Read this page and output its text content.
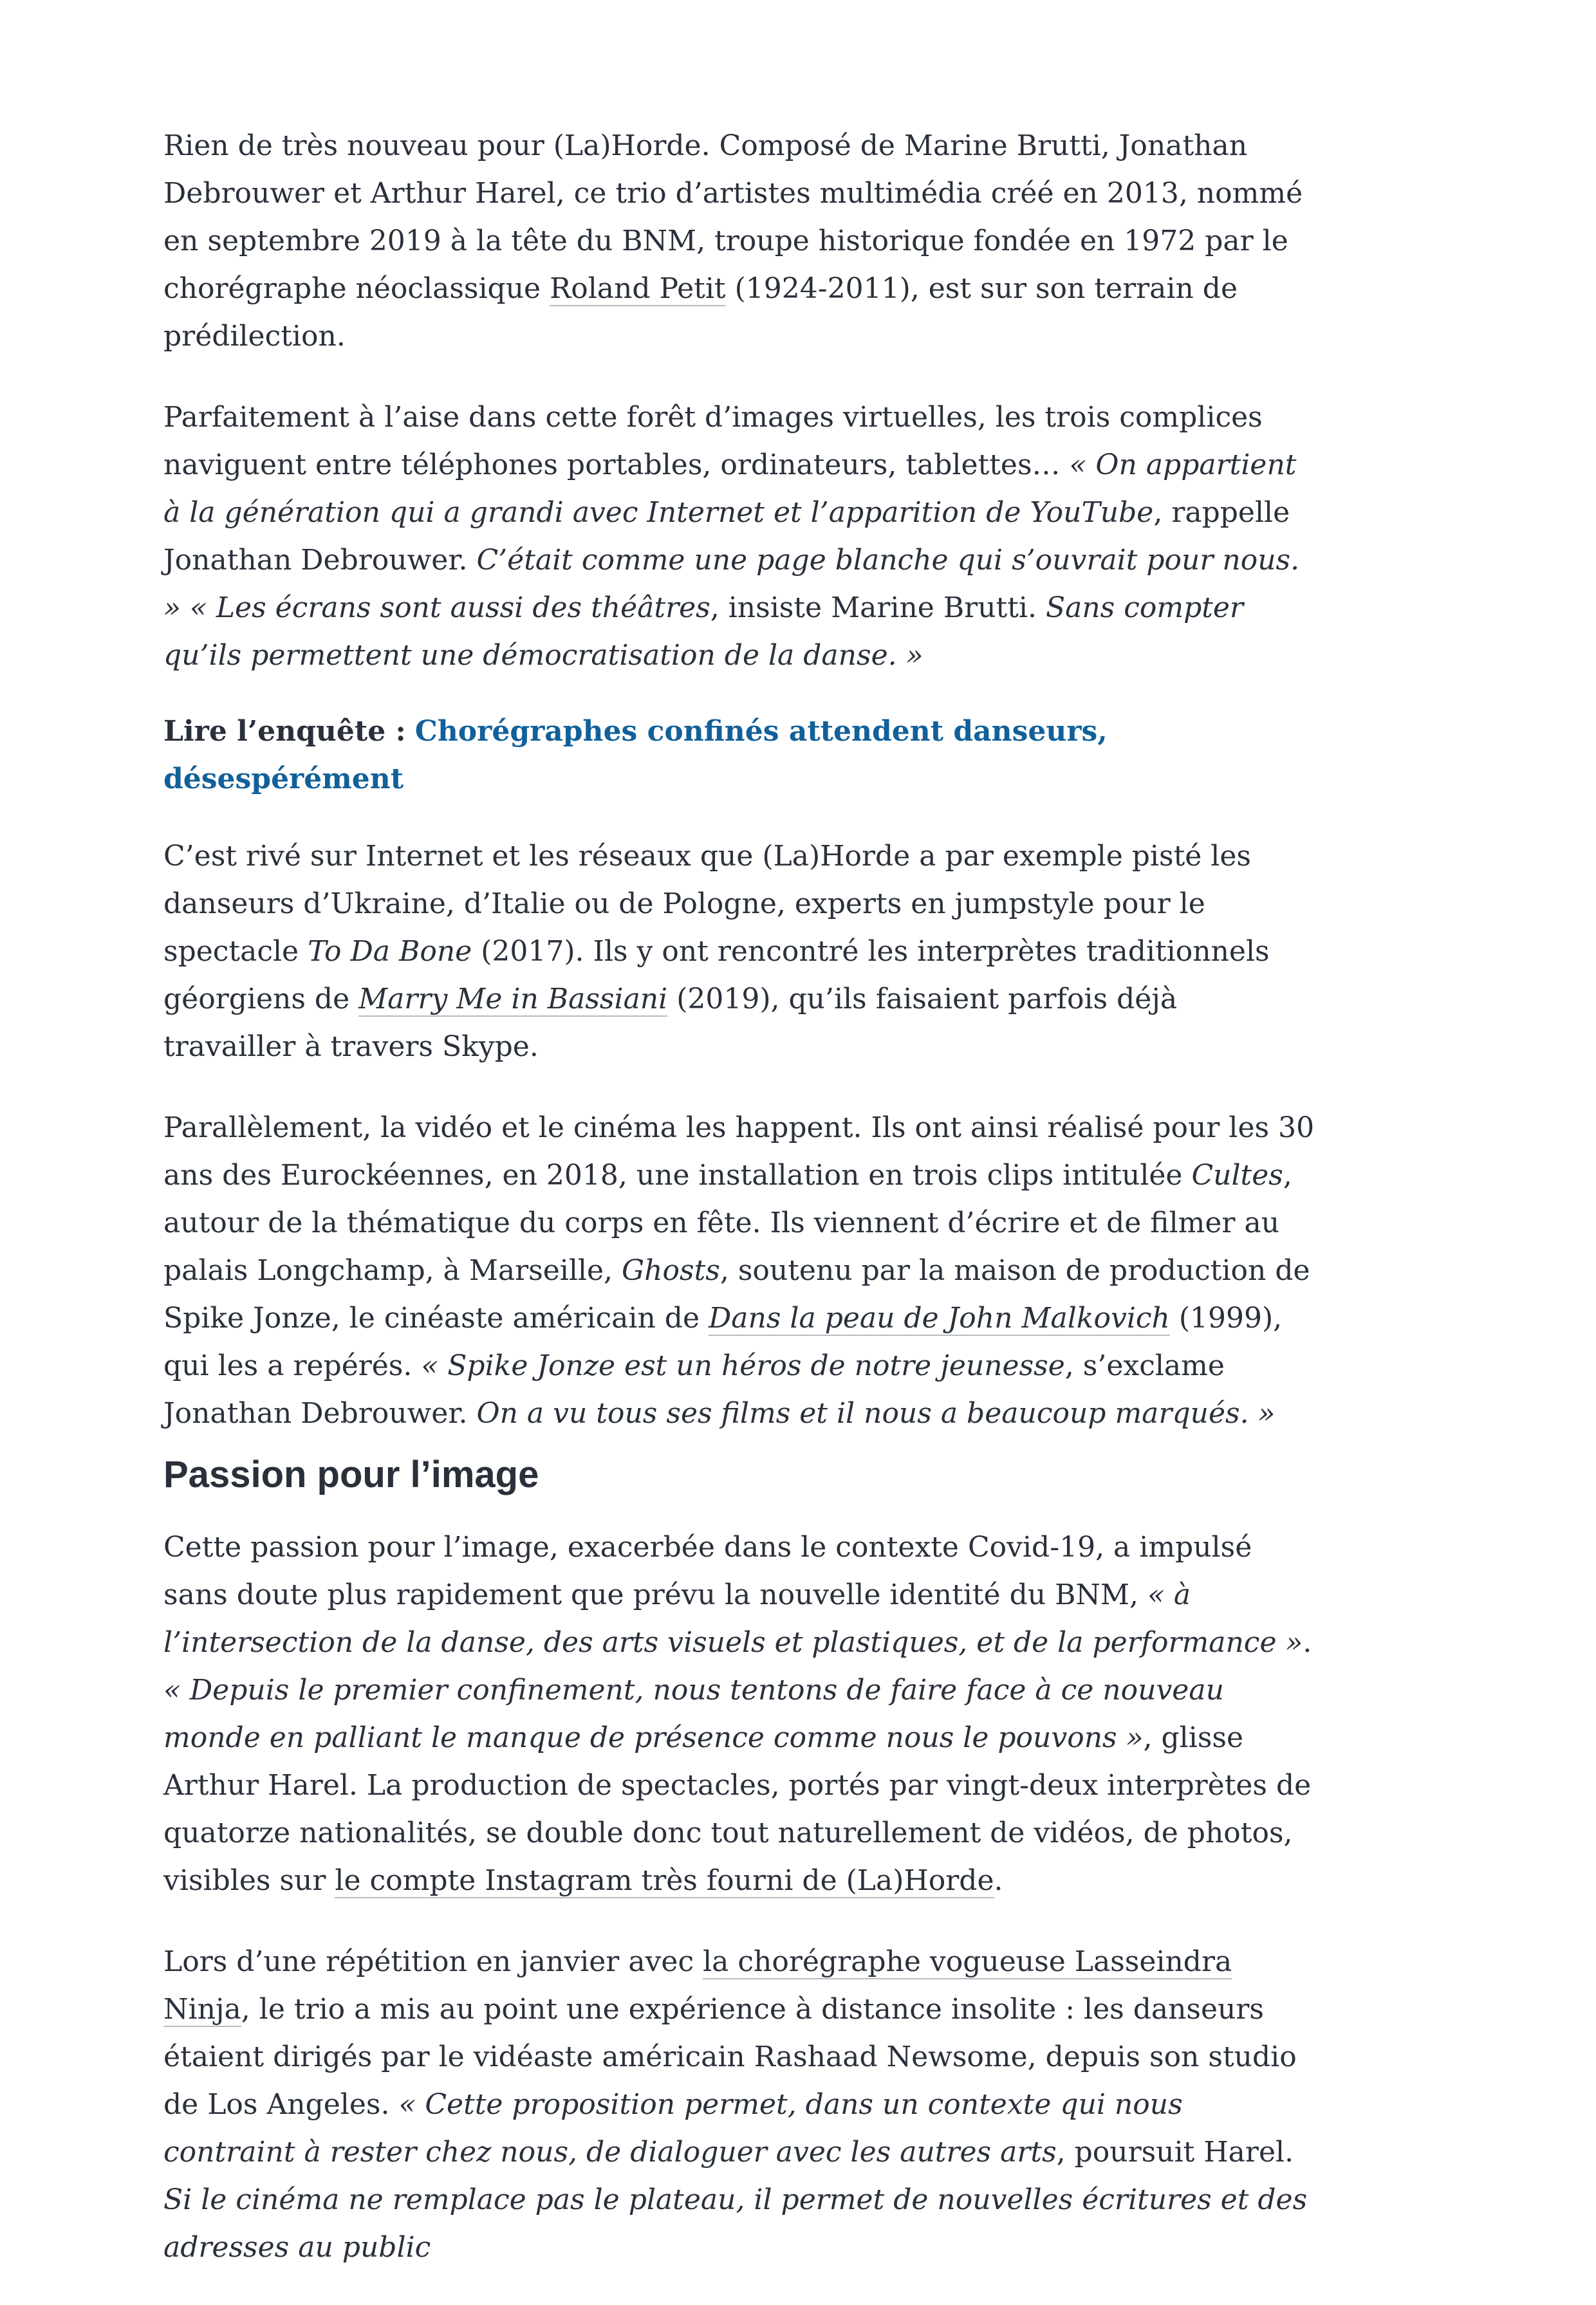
Rien de très nouveau pour (La)Horde. Composé de Marine Brutti, Jonathan Debrouwer et Arthur Harel, ce trio d’artistes multimédia créé en 2013, nommé en septembre 2019 à la tête du BNM, troupe historique fondée en 1972 par le chorégraphe néoclassique Roland Petit (1924-2011), est sur son terrain de prédilection.

Parfaitement à l’aise dans cette forêt d’images virtuelles, les trois complices naviguent entre téléphones portables, ordinateurs, tablettes… « On appartient à la génération qui a grandi avec Internet et l’apparition de YouTube, rappelle Jonathan Debrouwer. C’était comme une page blanche qui s’ouvrait pour nous. » « Les écrans sont aussi des théâtres, insiste Marine Brutti. Sans compter qu’ils permettent une démocratisation de la danse. »

Lire l’enquête : Chorégraphes confinés attendent danseurs, désespérément

C’est rivé sur Internet et les réseaux que (La)Horde a par exemple pisté les danseurs d’Ukraine, d’Italie ou de Pologne, experts en jumpstyle pour le spectacle To Da Bone (2017). Ils y ont rencontré les interprètes traditionnels géorgiens de Marry Me in Bassiani (2019), qu’ils faisaient parfois déjà travailler à travers Skype.

Parallèlement, la vidéo et le cinéma les happent. Ils ont ainsi réalisé pour les 30 ans des Eurockéennes, en 2018, une installation en trois clips intitulée Cultes, autour de la thématique du corps en fête. Ils viennent d’écrire et de filmer au palais Longchamp, à Marseille, Ghosts, soutenu par la maison de production de Spike Jonze, le cinéaste américain de Dans la peau de John Malkovich (1999), qui les a repérés. « Spike Jonze est un héros de notre jeunesse, s’exclame Jonathan Debrouwer. On a vu tous ses films et il nous a beaucoup marqués. »

Passion pour l’image

Cette passion pour l’image, exacerbée dans le contexte Covid-19, a impulsé sans doute plus rapidement que prévu la nouvelle identité du BNM, « à l’intersection de la danse, des arts visuels et plastiques, et de la performance ». « Depuis le premier confinement, nous tentons de faire face à ce nouveau monde en palliant le manque de présence comme nous le pouvons », glisse Arthur Harel. La production de spectacles, portés par vingt-deux interprètes de quatorze nationalités, se double donc tout naturellement de vidéos, de photos, visibles sur le compte Instagram très fourni de (La)Horde.

Lors d’une répétition en janvier avec la chorégraphe vogueuse Lasseindra Ninja, le trio a mis au point une expérience à distance insolite : les danseurs étaient dirigés par le vidéaste américain Rashaad Newsome, depuis son studio de Los Angeles. « Cette proposition permet, dans un contexte qui nous contraint à rester chez nous, de dialoguer avec les autres arts, poursuit Harel. Si le cinéma ne remplace pas le plateau, il permet de nouvelles écritures et des adresses au public
